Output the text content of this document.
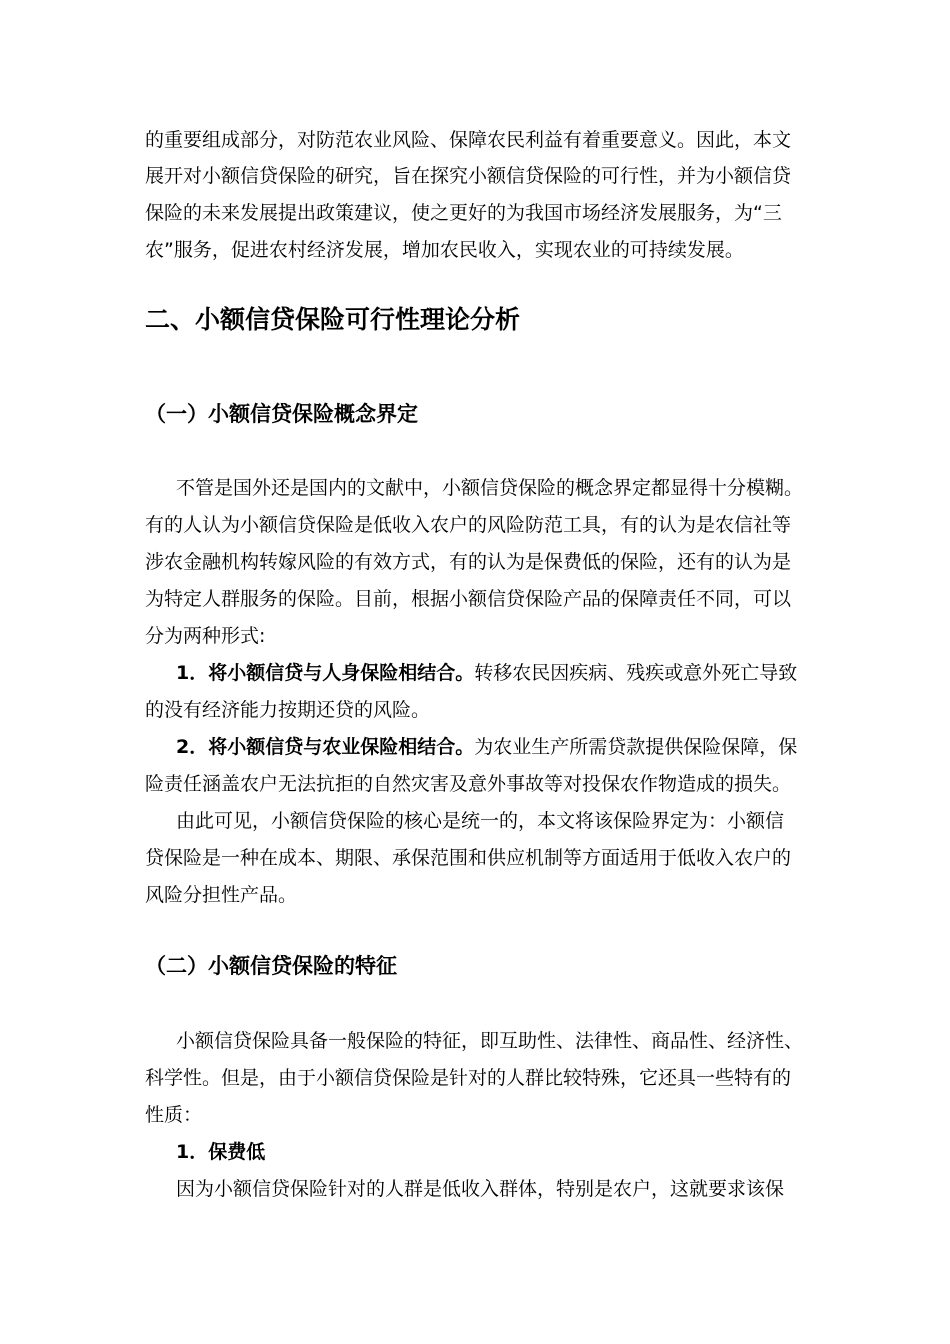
的重要组成部分，对防范农业风险、保障农民利益有着重要意义。因此，本文
展开对小额信贷保险的研究，旨在探究小额信贷保险的可行性，并为小额信贷
保险的未来发展提出政策建议，使之更好的为我国市场经济发展服务，为“三
农”服务，促进农村经济发展，增加农民收入，实现农业的可持续发展。
二、小额信贷保险可行性理论分析
（一）小额信贷保险概念界定
不管是国外还是国内的文献中，小额信贷保险的概念界定都显得十分模糊。
有的人认为小额信贷保险是低收入农户的风险防范工具，有的认为是农信社等
涉农金融机构转嫁风险的有效方式，有的认为是保费低的保险，还有的认为是
为特定人群服务的保险。目前，根据小额信贷保险产品的保障责任不同，可以
分为两种形式:
1．将小额信贷与人身保险相结合。转移农民因疾病、残疾或意外死亡导致
的没有经济能力按期还贷的风险。
2．将小额信贷与农业保险相结合。为农业生产所需贷款提供保险保障，保
险责任涵盖农户无法抗拒的自然灾害及意外事故等对投保农作物造成的损失。
由此可见，小额信贷保险的核心是统一的，本文将该保险界定为：小额信
贷保险是一种在成本、期限、承保范围和供应机制等方面适用于低收入农户的
风险分担性产品。
（二）小额信贷保险的特征
小额信贷保险具备一般保险的特征，即互助性、法律性、商品性、经济性、
科学性。但是，由于小额信贷保险是针对的人群比较特殊，它还具一些特有的
性质：
1．保费低
因为小额信贷保险针对的人群是低收入群体，特别是农户，这就要求该保
